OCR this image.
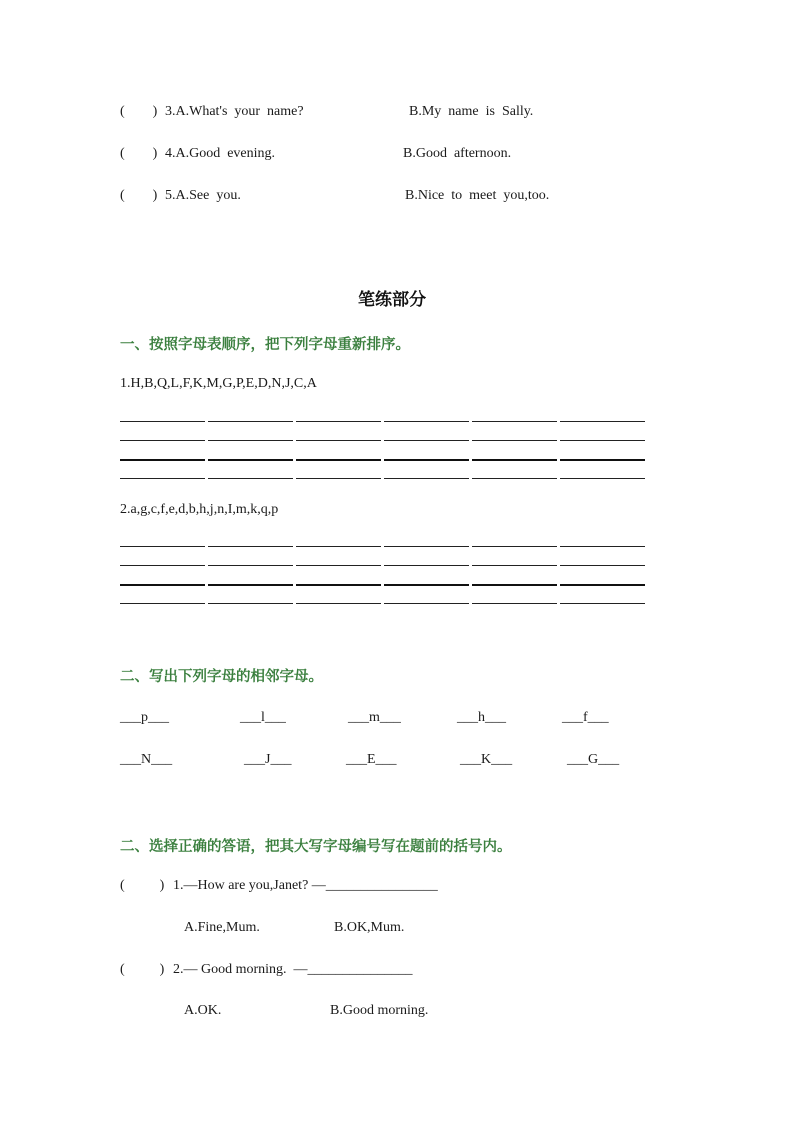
(        ) 3.A.What's  your  name?	B.My  name  is  Sally.
(        ) 4.A.Good  evening.	B.Good  afternoon.
(        ) 5.A.See  you.	B.Nice  to  meet  you,too.
笔练部分
一、按照字母表顺序，把下列字母重新排序。
1.H,B,Q,L,F,K,M,G,P,E,D,N,J,C,A
2.a,g,c,f,e,d,b,h,j,n,I,m,k,q,p
二、写出下列字母的相邻字母。
___p___	___l___	___m___	___h___	___f___
___N___	___J___	___E___	___K___	___G___
二、选择正确的答语，把其大写字母编号写在题前的括号内。
(          ) 1.—How are you,Janet? —________________
A.Fine,Mum.	B.OK,Mum.
(          ) 2.— Good morning.  —_______________
A.OK.	B.Good morning.
